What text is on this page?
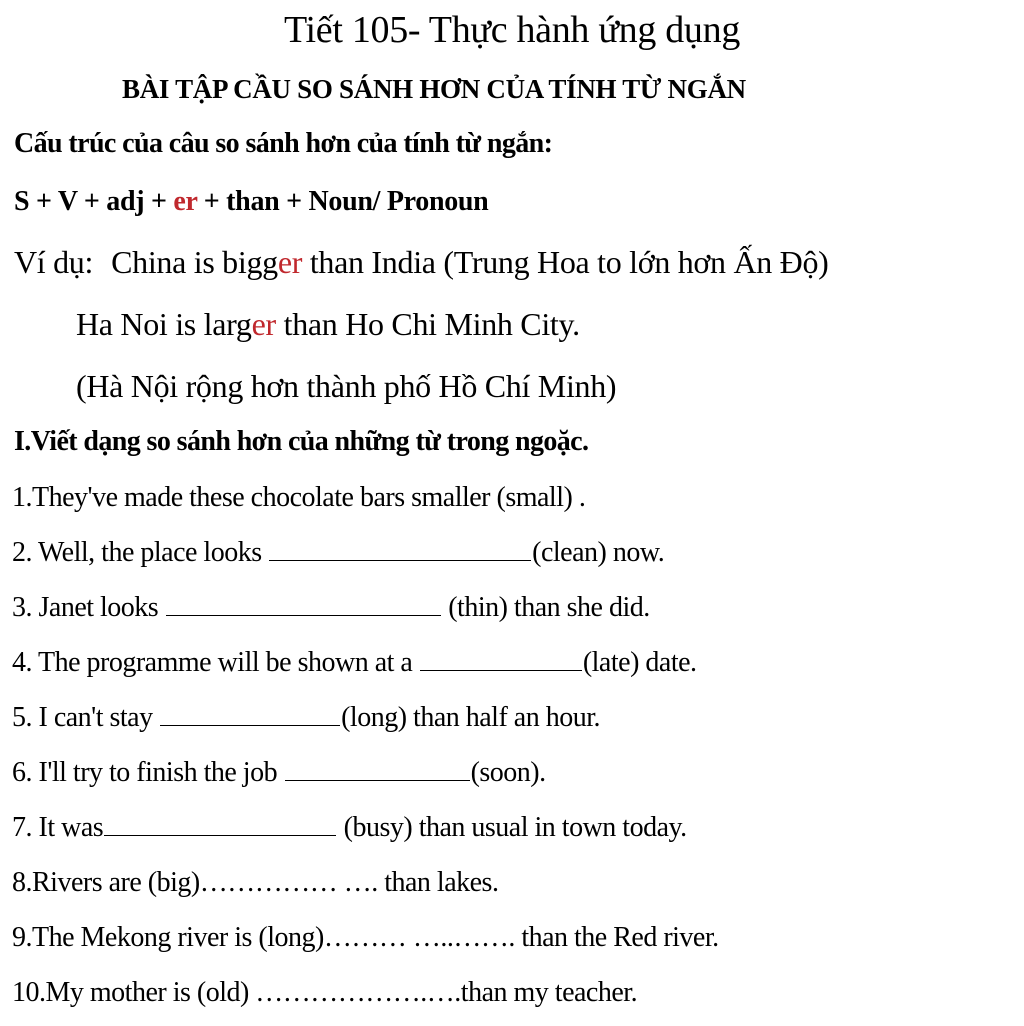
Tiết 105- Thực hành ứng dụng
BÀI TẬP CẦU SO SÁNH HƠN CỦA TÍNH TỪ NGẮN
Cấu trúc của câu so sánh hơn của tính từ ngắn:
S + V + adj + er + than + Noun/ Pronoun
Ví dụ: China is bigger than India (Trung Hoa to lớn hơn Ấn Độ)
Ha Noi is larger than Ho Chi Minh City.
(Hà Nội rộng hơn thành phố Hồ Chí Minh)
I.Viết dạng so sánh hơn của những từ trong ngoặc.
1.They've made these chocolate bars smaller (small) .
2. Well, the place looks	(clean) now.
3. Janet looks	(thin) than she did.
4. The programme will be shown at a	(late) date.
5. I can't stay	(long) than half an hour.
6. I'll try to finish the job	(soon).
7. It was	(busy) than usual in town today.
8.Rivers are (big)…………… …. than lakes.
9.The Mekong river is (long)……… …..……. than the Red river.
10.My mother is (old) ……………….….than my teacher.
